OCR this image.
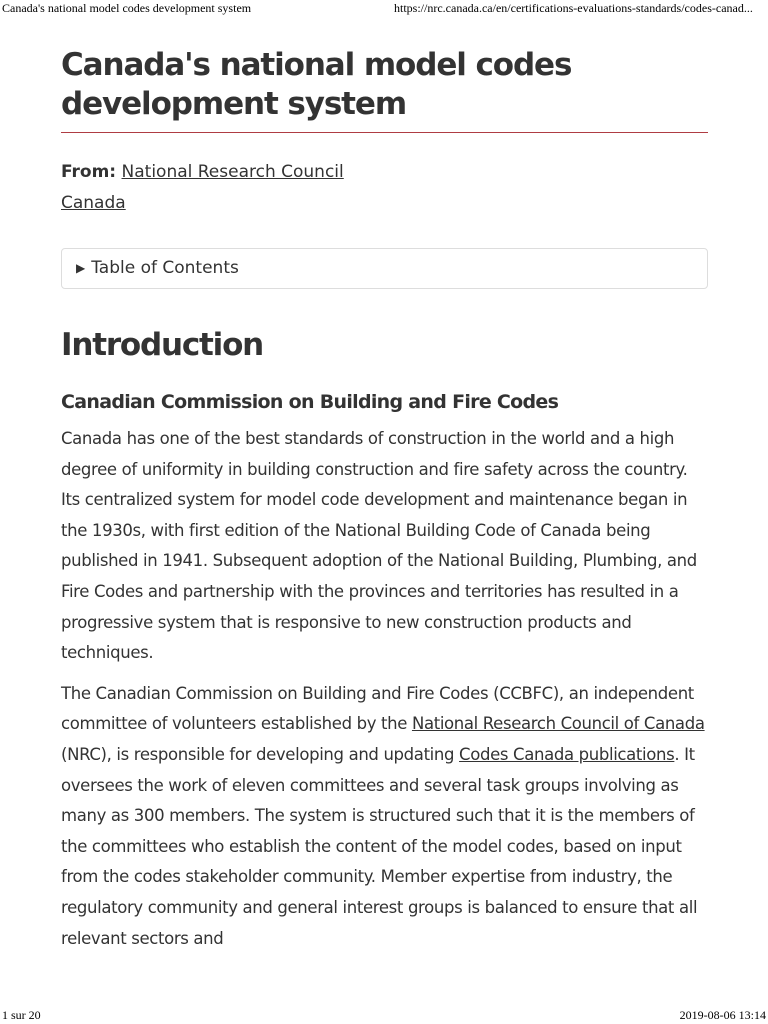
Canada's national model codes development system	https://nrc.canada.ca/en/certifications-evaluations-standards/codes-canad...
Canada's national model codes development system
From: National Research Council
Canada
▶ Table of Contents
Introduction
Canadian Commission on Building and Fire Codes

Canada has one of the best standards of construction in the world and a high degree of uniformity in building construction and fire safety across the country. Its centralized system for model code development and maintenance began in the 1930s, with first edition of the National Building Code of Canada being published in 1941. Subsequent adoption of the National Building, Plumbing, and Fire Codes and partnership with the provinces and territories has resulted in a progressive system that is responsive to new construction products and techniques.

The Canadian Commission on Building and Fire Codes (CCBFC), an independent committee of volunteers established by the National Research Council of Canada (NRC), is responsible for developing and updating Codes Canada publications. It oversees the work of eleven committees and several task groups involving as many as 300 members. The system is structured such that it is the members of the committees who establish the content of the model codes, based on input from the codes stakeholder community. Member expertise from industry, the regulatory community and general interest groups is balanced to ensure that all relevant sectors and

1 sur 20	2019-08-06 13:14
